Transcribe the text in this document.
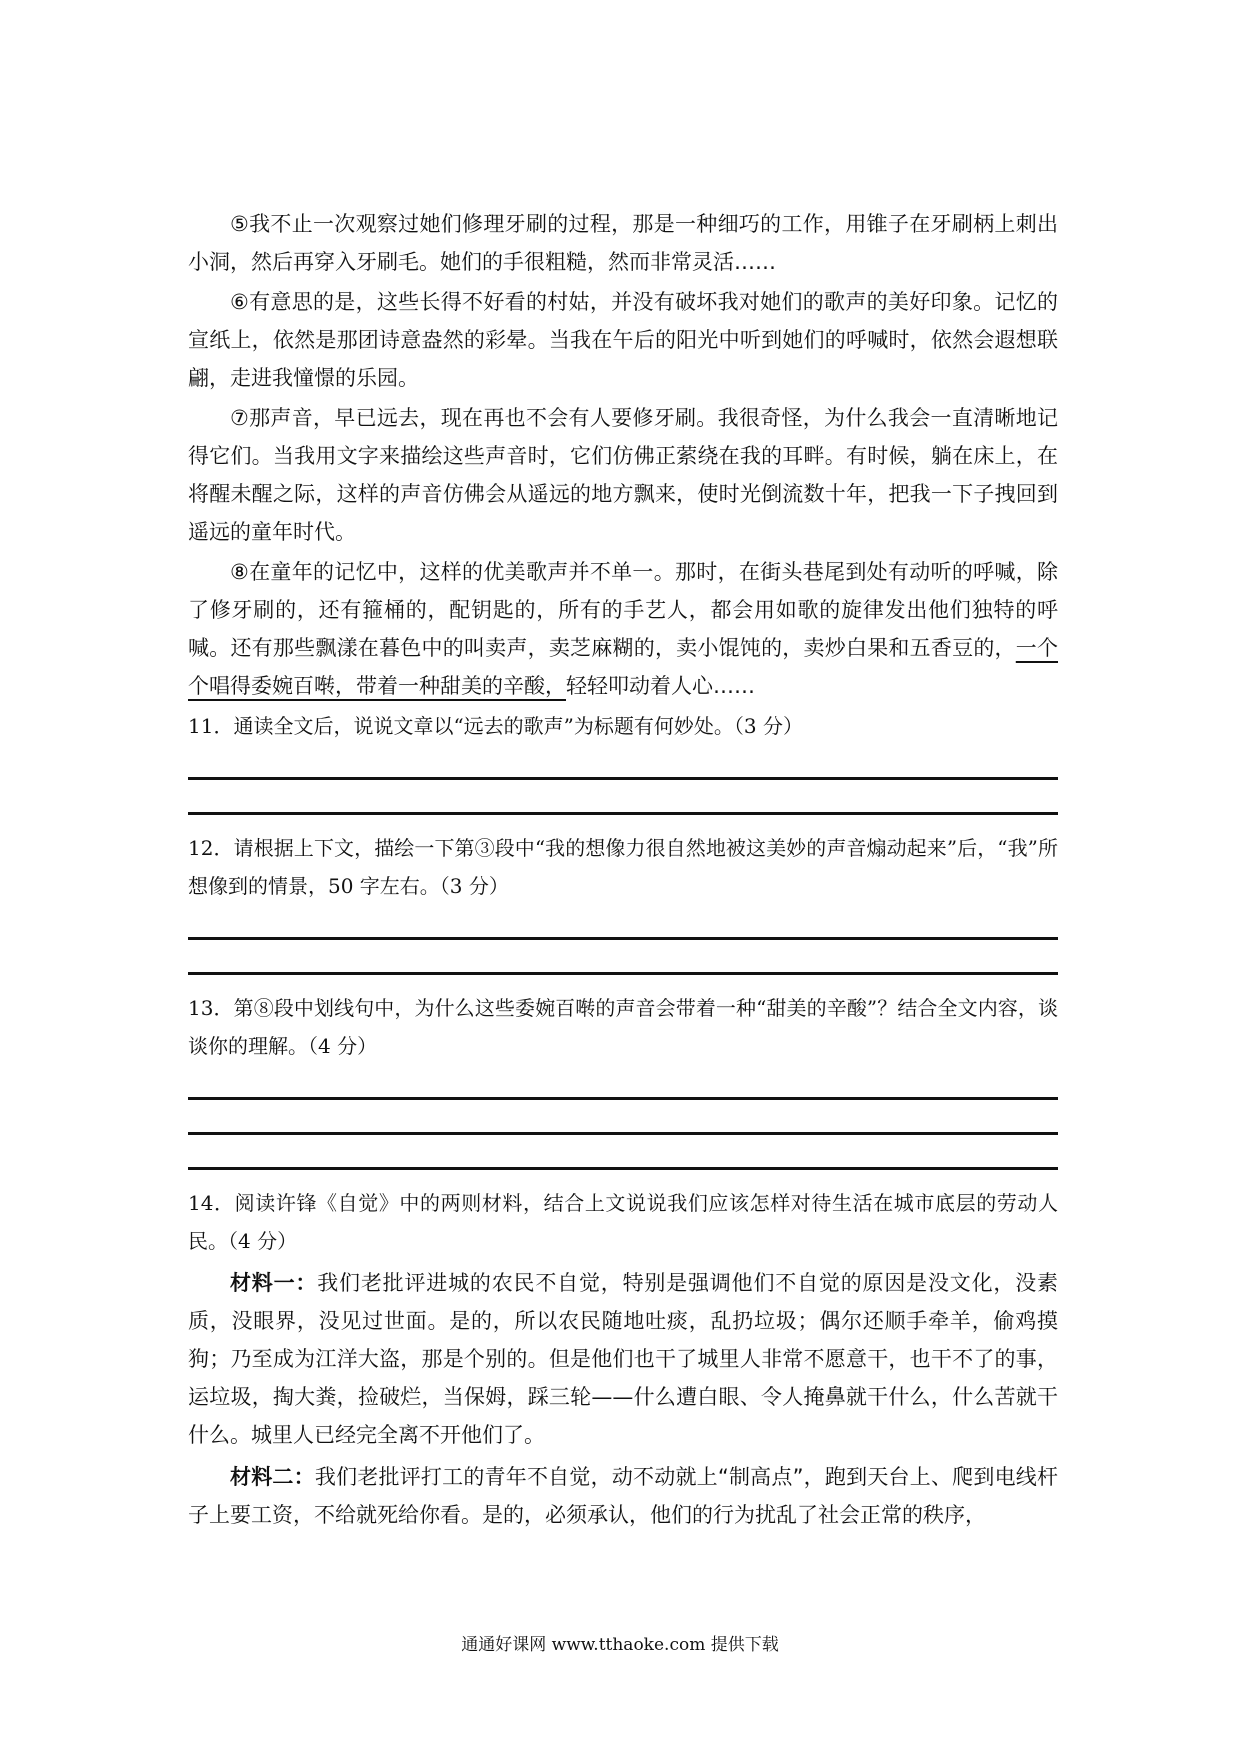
⑤我不止一次观察过她们修理牙刷的过程，那是一种细巧的工作，用锥子在牙刷柄上刺出小洞，然后再穿入牙刷毛。她们的手很粗糙，然而非常灵活……

⑥有意思的是，这些长得不好看的村姑，并没有破坏我对她们的歌声的美好印象。记忆的宣纸上，依然是那团诗意盎然的彩晕。当我在午后的阳光中听到她们的呼喊时，依然会遐想联翩，走进我憧憬的乐园。

⑦那声音，早已远去，现在再也不会有人要修牙刷。我很奇怪，为什么我会一直清晰地记得它们。当我用文字来描绘这些声音时，它们仿佛正萦绕在我的耳畔。有时候，躺在床上，在将醒未醒之际，这样的声音仿佛会从遥远的地方飘来，使时光倒流数十年，把我一下子拽回到遥远的童年时代。

⑧在童年的记忆中，这样的优美歌声并不单一。那时，在街头巷尾到处有动听的呼喊，除了修牙刷的，还有箍桶的，配钥匙的，所有的手艺人，都会用如歌的旋律发出他们独特的呼喊。还有那些飘漾在暮色中的叫卖声，卖芝麻糊的，卖小馄饨的，卖炒白果和五香豆的，一个个唱得委婉百啭，带着一种甜美的辛酸，轻轻叩动着人心……

11．通读全文后，说说文章以“远去的歌声”为标题有何妙处。（3 分）

12．请根据上下文，描绘一下第③段中“我的想像力很自然地被这美妙的声音煽动起来”后，“我”所想像到的情景，50 字左右。（3 分）

13．第⑧段中划线句中，为什么这些委婉百啭的声音会带着一种“甜美的辛酸”？结合全文内容，谈谈你的理解。（4 分）

14．阅读许锋《自觉》中的两则材料，结合上文说说我们应该怎样对待生活在城市底层的劳动人民。（4 分）

材料一：我们老批评进城的农民不自觉，特别是强调他们不自觉的原因是没文化，没素质，没眼界，没见过世面。是的，所以农民随地吐痰，乱扔垃圾；偶尔还顺手牵羊，偷鸡摸狗；乃至成为江洋大盗，那是个别的。但是他们也干了城里人非常不愿意干，也干不了的事，运垃圾，掏大粪，捡破烂，当保姆，踩三轮——什么遭白眼、令人掩鼻就干什么，什么苦就干什么。城里人已经完全离不开他们了。

材料二：我们老批评打工的青年不自觉，动不动就上“制高点”，跑到天台上、爬到电线杆子上要工资，不给就死给你看。是的，必须承认，他们的行为扰乱了社会正常的秩序，

通通好课网 www.tthaoke.com 提供下载
